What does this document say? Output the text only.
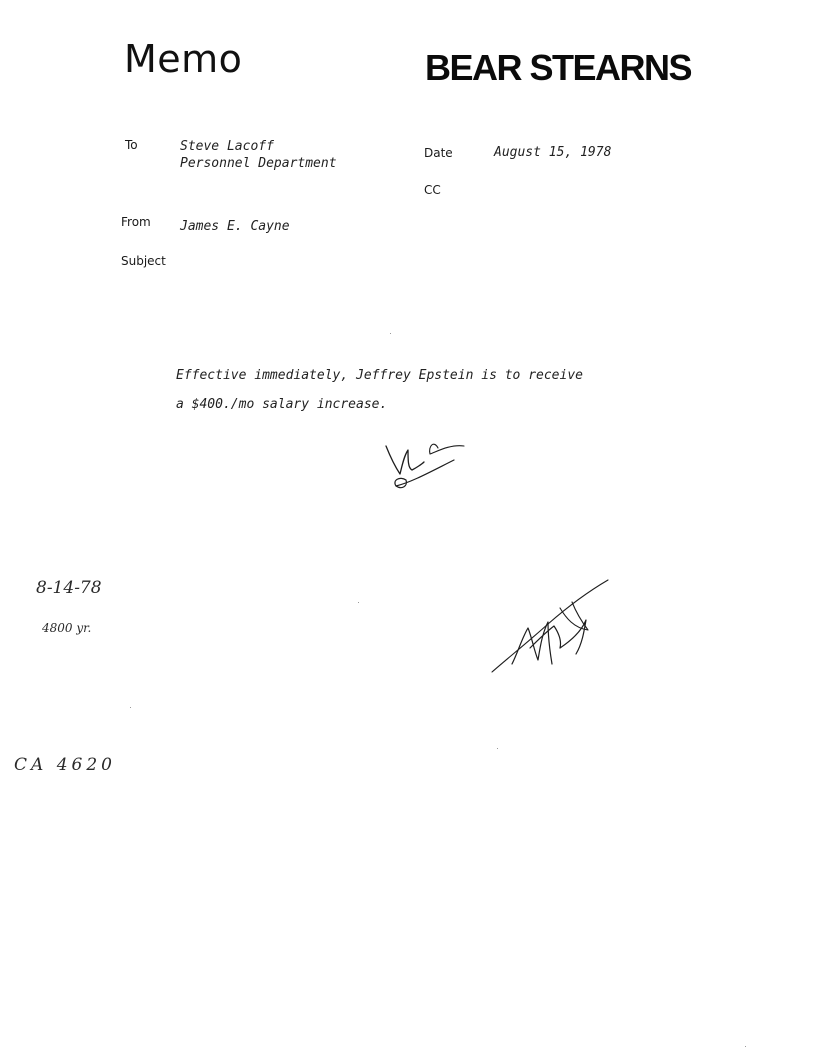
Memo	BEAR STEARNS
To	Steve Lacoff
Personnel Department
Date	August 15, 1978
CC
From James E. Cayne
Subject
Effective immediately, Jeffrey Epstein is to receive
a $400./mo salary increase.
8-14-78
4800 yr.
CA 4620
